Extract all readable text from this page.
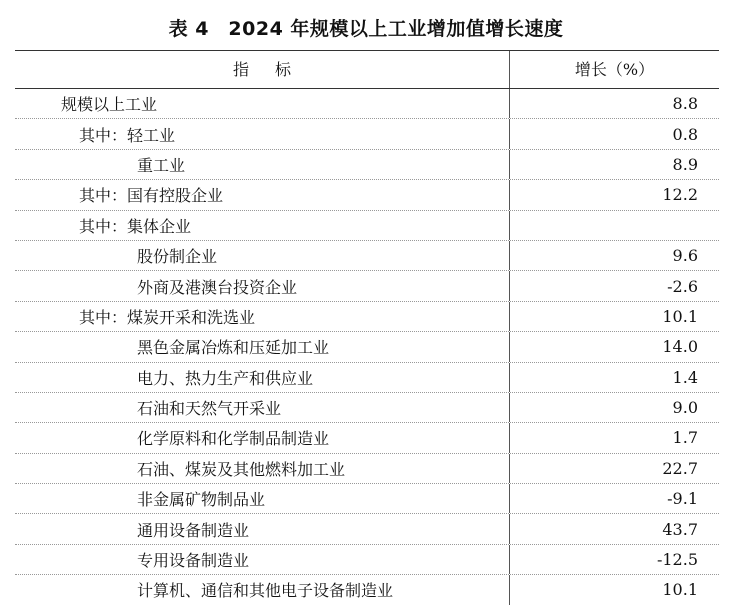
表 4　2024 年规模以上工业增加值增长速度
指标	增长（%）
规模以上工业	8.8
其中： 轻工业	0.8
重工业	8.9
其中： 国有控股企业	12.2
其中： 集体企业
股份制企业	9.6
外商及港澳台投资企业	-2.6
其中： 煤炭开采和洗选业	10.1
黑色金属冶炼和压延加工业	14.0
电力、热力生产和供应业	1.4
石油和天然气开采业	9.0
化学原料和化学制品制造业	1.7
石油、煤炭及其他燃料加工业	22.7
非金属矿物制品业	-9.1
通用设备制造业	43.7
专用设备制造业	-12.5
计算机、通信和其他电子设备制造业	10.1
